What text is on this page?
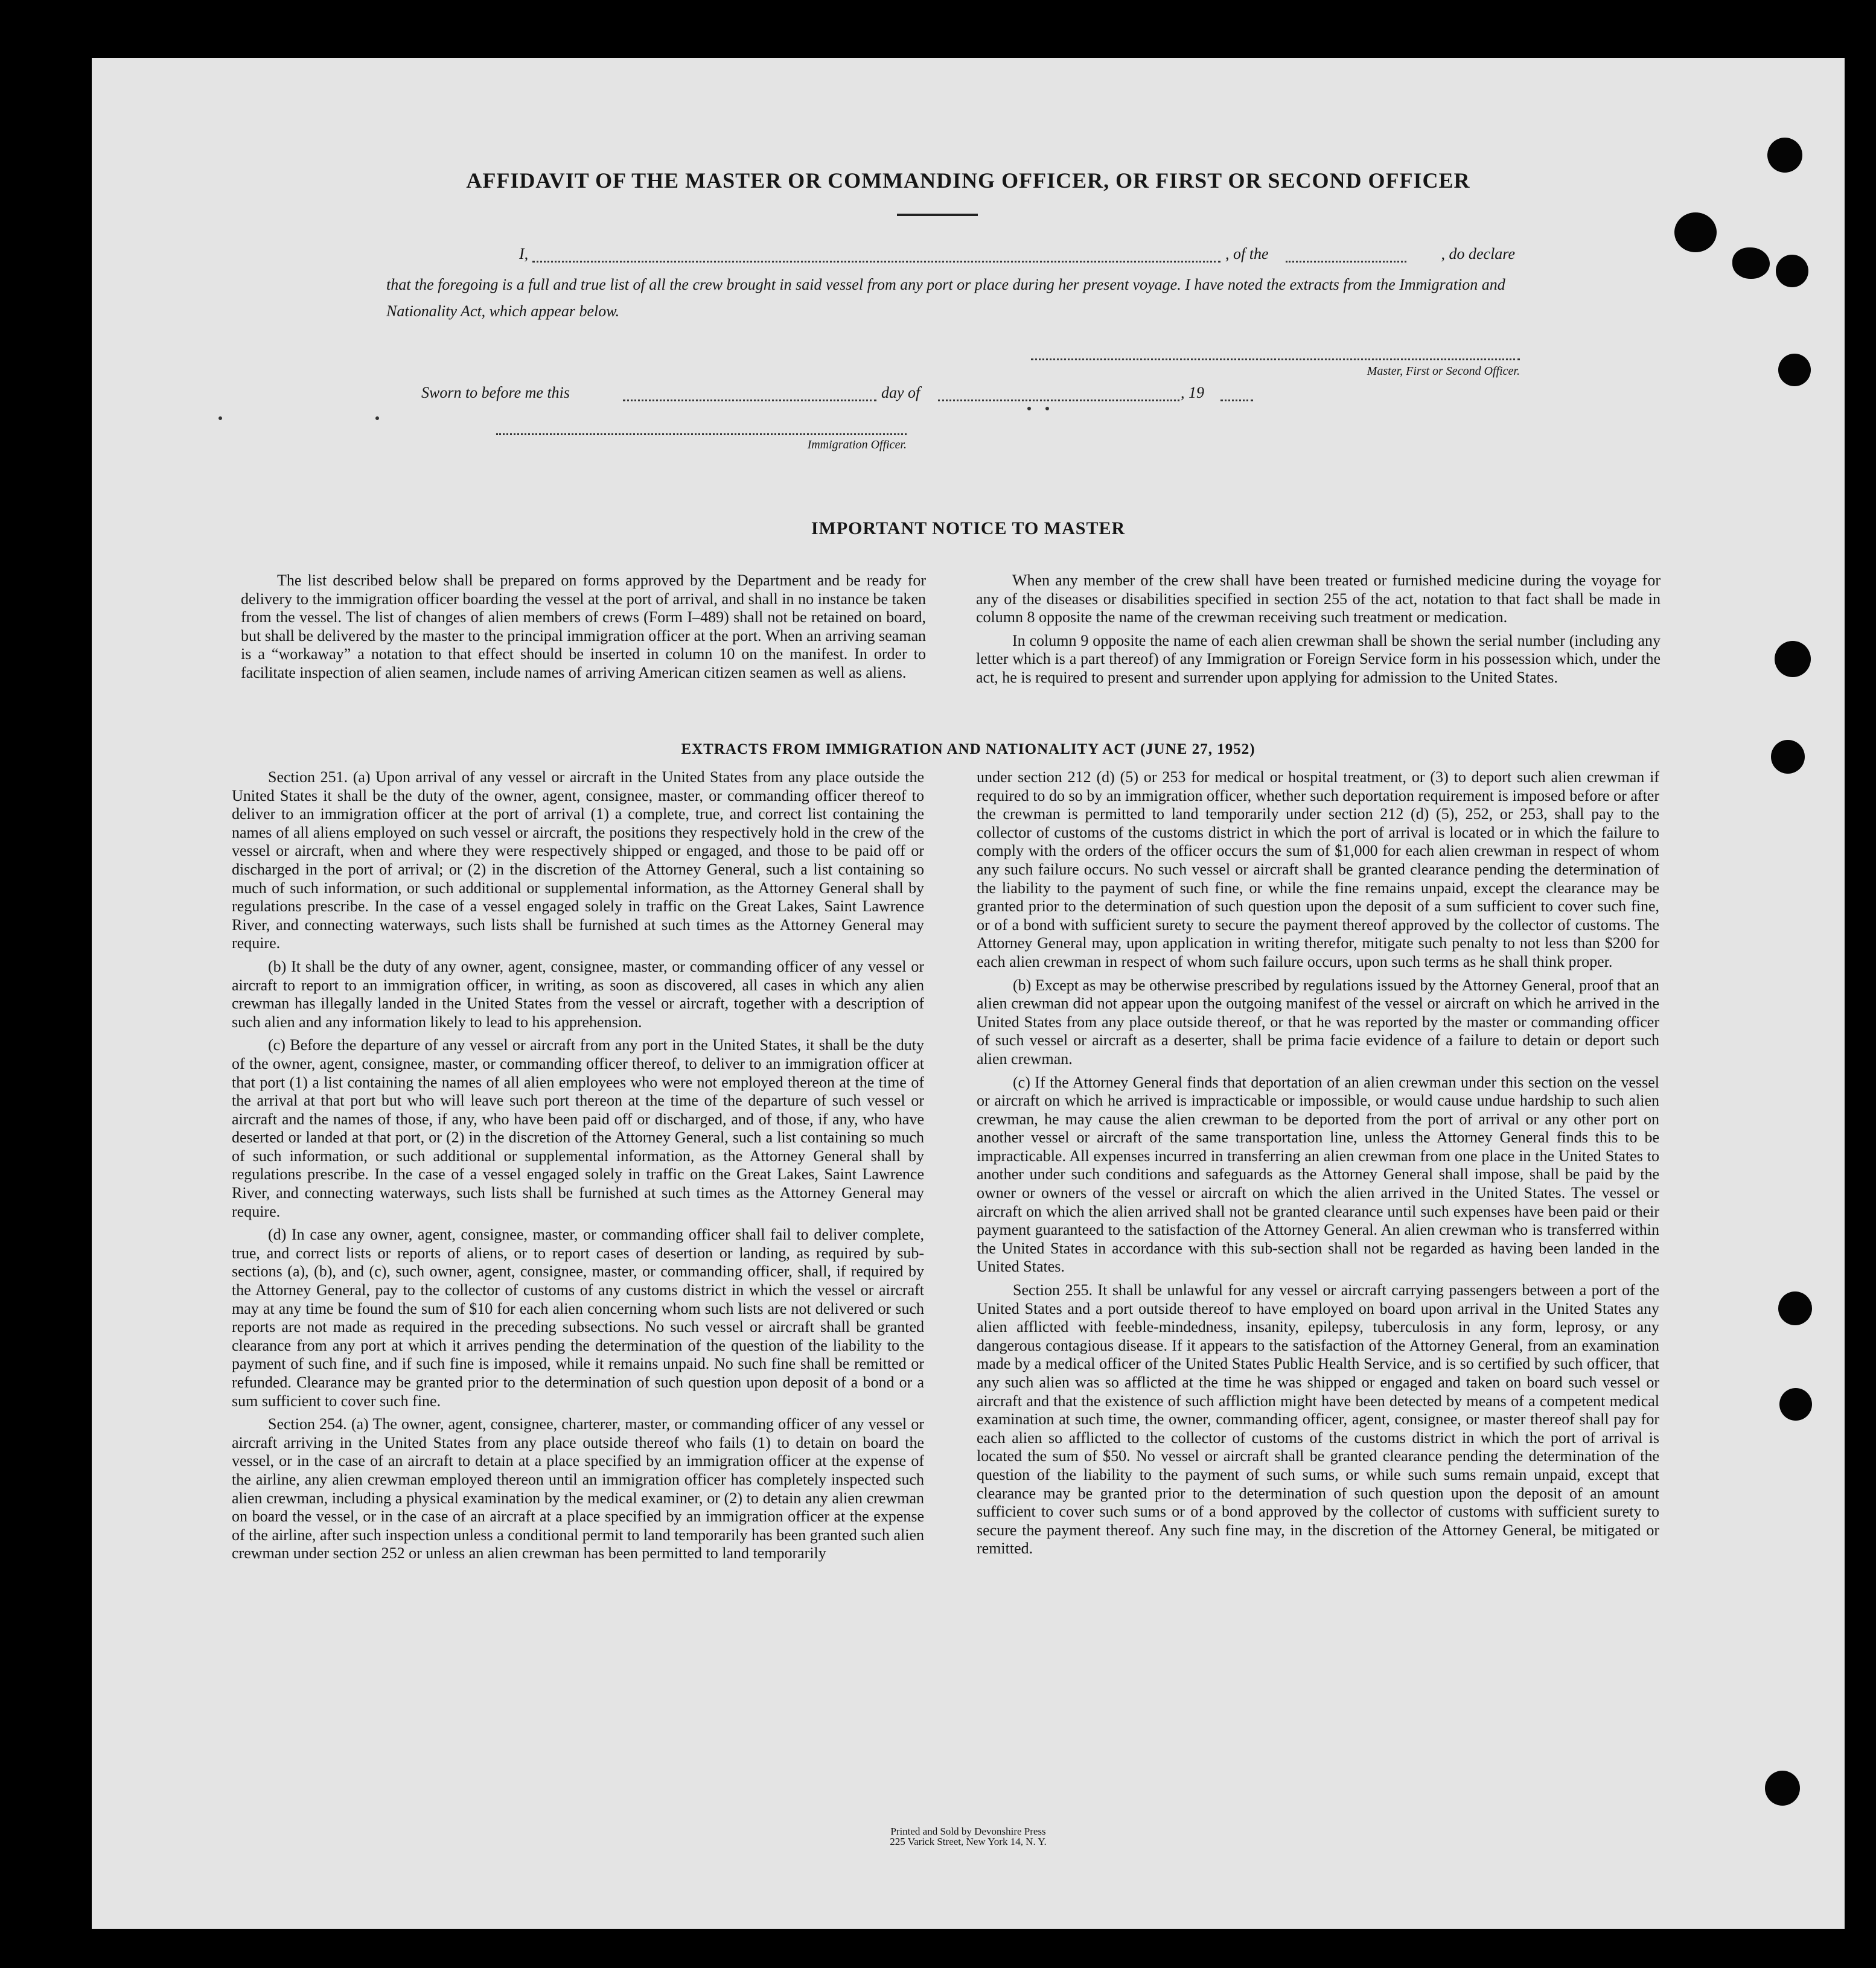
AFFIDAVIT OF THE MASTER OR COMMANDING OFFICER, OR FIRST OR SECOND OFFICER
I,	, of the	, do declare
that the foregoing is a full and true list of all the crew brought in said vessel from any port or place during her present voyage. I have noted the extracts from the Immigration and Nationality Act, which appear below.
Master, First or Second Officer.
Sworn to before me this	day of	, 19
Immigration Officer.
IMPORTANT NOTICE TO MASTER

The list described below shall be prepared on forms approved by the Department and be ready for delivery to the immigration officer boarding the vessel at the port of arrival, and shall in no instance be taken from the vessel. The list of changes of alien members of crews (Form I–489) shall not be retained on board, but shall be delivered by the master to the principal immigration officer at the port. When an arriving seaman is a “workaway” a notation to that effect should be inserted in column 10 on the manifest. In order to facilitate inspection of alien seamen, include names of arriving American citizen seamen as well as aliens.

When any member of the crew shall have been treated or furnished medicine during the voyage for any of the diseases or disabilities specified in section 255 of the act, notation to that fact shall be made in column 8 opposite the name of the crewman receiving such treatment or medication.

In column 9 opposite the name of each alien crewman shall be shown the serial number (including any letter which is a part thereof) of any Immigration or Foreign Service form in his possession which, under the act, he is required to present and surrender upon applying for admission to the United States.

EXTRACTS FROM IMMIGRATION AND NATIONALITY ACT (JUNE 27, 1952)

Section 251. (a) Upon arrival of any vessel or aircraft in the United States from any place outside the United States it shall be the duty of the owner, agent, consignee, master, or commanding officer thereof to deliver to an immigration officer at the port of arrival (1) a complete, true, and correct list containing the names of all aliens employed on such vessel or aircraft, the positions they respectively hold in the crew of the vessel or aircraft, when and where they were respectively shipped or engaged, and those to be paid off or discharged in the port of arrival; or (2) in the discretion of the Attorney General, such a list containing so much of such information, or such additional or supplemental information, as the Attorney General shall by regulations prescribe. In the case of a vessel engaged solely in traffic on the Great Lakes, Saint Lawrence River, and connecting waterways, such lists shall be furnished at such times as the Attorney General may require.

(b) It shall be the duty of any owner, agent, consignee, master, or commanding officer of any vessel or aircraft to report to an immigration officer, in writing, as soon as discovered, all cases in which any alien crewman has illegally landed in the United States from the vessel or aircraft, together with a description of such alien and any information likely to lead to his apprehension.

(c) Before the departure of any vessel or aircraft from any port in the United States, it shall be the duty of the owner, agent, consignee, master, or commanding officer thereof, to deliver to an immigration officer at that port (1) a list containing the names of all alien employees who were not employed thereon at the time of the arrival at that port but who will leave such port thereon at the time of the departure of such vessel or aircraft and the names of those, if any, who have been paid off or discharged, and of those, if any, who have deserted or landed at that port, or (2) in the discretion of the Attorney General, such a list containing so much of such information, or such additional or supplemental information, as the Attorney General shall by regulations prescribe. In the case of a vessel engaged solely in traffic on the Great Lakes, Saint Lawrence River, and connecting waterways, such lists shall be furnished at such times as the Attorney General may require.

(d) In case any owner, agent, consignee, master, or commanding officer shall fail to deliver complete, true, and correct lists or reports of aliens, or to report cases of desertion or landing, as required by sub-sections (a), (b), and (c), such owner, agent, consignee, master, or commanding officer, shall, if required by the Attorney General, pay to the collector of customs of any customs district in which the vessel or aircraft may at any time be found the sum of $10 for each alien concerning whom such lists are not delivered or such reports are not made as required in the preceding subsections. No such vessel or aircraft shall be granted clearance from any port at which it arrives pending the determination of the question of the liability to the payment of such fine, and if such fine is imposed, while it remains unpaid. No such fine shall be remitted or refunded. Clearance may be granted prior to the determination of such question upon deposit of a bond or a sum sufficient to cover such fine.

Section 254. (a) The owner, agent, consignee, charterer, master, or commanding officer of any vessel or aircraft arriving in the United States from any place outside thereof who fails (1) to detain on board the vessel, or in the case of an aircraft to detain at a place specified by an immigration officer at the expense of the airline, any alien crewman employed thereon until an immigration officer has completely inspected such alien crewman, including a physical examination by the medical examiner, or (2) to detain any alien crewman on board the vessel, or in the case of an aircraft at a place specified by an immigration officer at the expense of the airline, after such inspection unless a conditional permit to land temporarily has been granted such alien crewman under section 252 or unless an alien crewman has been permitted to land temporarily

under section 212 (d) (5) or 253 for medical or hospital treatment, or (3) to deport such alien crewman if required to do so by an immigration officer, whether such deportation requirement is imposed before or after the crewman is permitted to land temporarily under section 212 (d) (5), 252, or 253, shall pay to the collector of customs of the customs district in which the port of arrival is located or in which the failure to comply with the orders of the officer occurs the sum of $1,000 for each alien crewman in respect of whom any such failure occurs. No such vessel or aircraft shall be granted clearance pending the determination of the liability to the payment of such fine, or while the fine remains unpaid, except the clearance may be granted prior to the determination of such question upon the deposit of a sum sufficient to cover such fine, or of a bond with sufficient surety to secure the payment thereof approved by the collector of customs. The Attorney General may, upon application in writing therefor, mitigate such penalty to not less than $200 for each alien crewman in respect of whom such failure occurs, upon such terms as he shall think proper.

(b) Except as may be otherwise prescribed by regulations issued by the Attorney General, proof that an alien crewman did not appear upon the outgoing manifest of the vessel or aircraft on which he arrived in the United States from any place outside thereof, or that he was reported by the master or commanding officer of such vessel or aircraft as a deserter, shall be prima facie evidence of a failure to detain or deport such alien crewman.

(c) If the Attorney General finds that deportation of an alien crewman under this section on the vessel or aircraft on which he arrived is impracticable or impossible, or would cause undue hardship to such alien crewman, he may cause the alien crewman to be deported from the port of arrival or any other port on another vessel or aircraft of the same transportation line, unless the Attorney General finds this to be impracticable. All expenses incurred in transferring an alien crewman from one place in the United States to another under such conditions and safeguards as the Attorney General shall impose, shall be paid by the owner or owners of the vessel or aircraft on which the alien arrived in the United States. The vessel or aircraft on which the alien arrived shall not be granted clearance until such expenses have been paid or their payment guaranteed to the satisfaction of the Attorney General. An alien crewman who is transferred within the United States in accordance with this sub-section shall not be regarded as having been landed in the United States.

Section 255. It shall be unlawful for any vessel or aircraft carrying passengers between a port of the United States and a port outside thereof to have employed on board upon arrival in the United States any alien afflicted with feeble-mindedness, insanity, epilepsy, tuberculosis in any form, leprosy, or any dangerous contagious disease. If it appears to the satisfaction of the Attorney General, from an examination made by a medical officer of the United States Public Health Service, and is so certified by such officer, that any such alien was so afflicted at the time he was shipped or engaged and taken on board such vessel or aircraft and that the existence of such affliction might have been detected by means of a competent medical examination at such time, the owner, commanding officer, agent, consignee, or master thereof shall pay for each alien so afflicted to the collector of customs of the customs district in which the port of arrival is located the sum of $50. No vessel or aircraft shall be granted clearance pending the determination of the question of the liability to the payment of such sums, or while such sums remain unpaid, except that clearance may be granted prior to the determination of such question upon the deposit of an amount sufficient to cover such sums or of a bond approved by the collector of customs with sufficient surety to secure the payment thereof. Any such fine may, in the discretion of the Attorney General, be mitigated or remitted.

Printed and Sold by Devonshire Press
225 Varick Street, New York 14, N. Y.
